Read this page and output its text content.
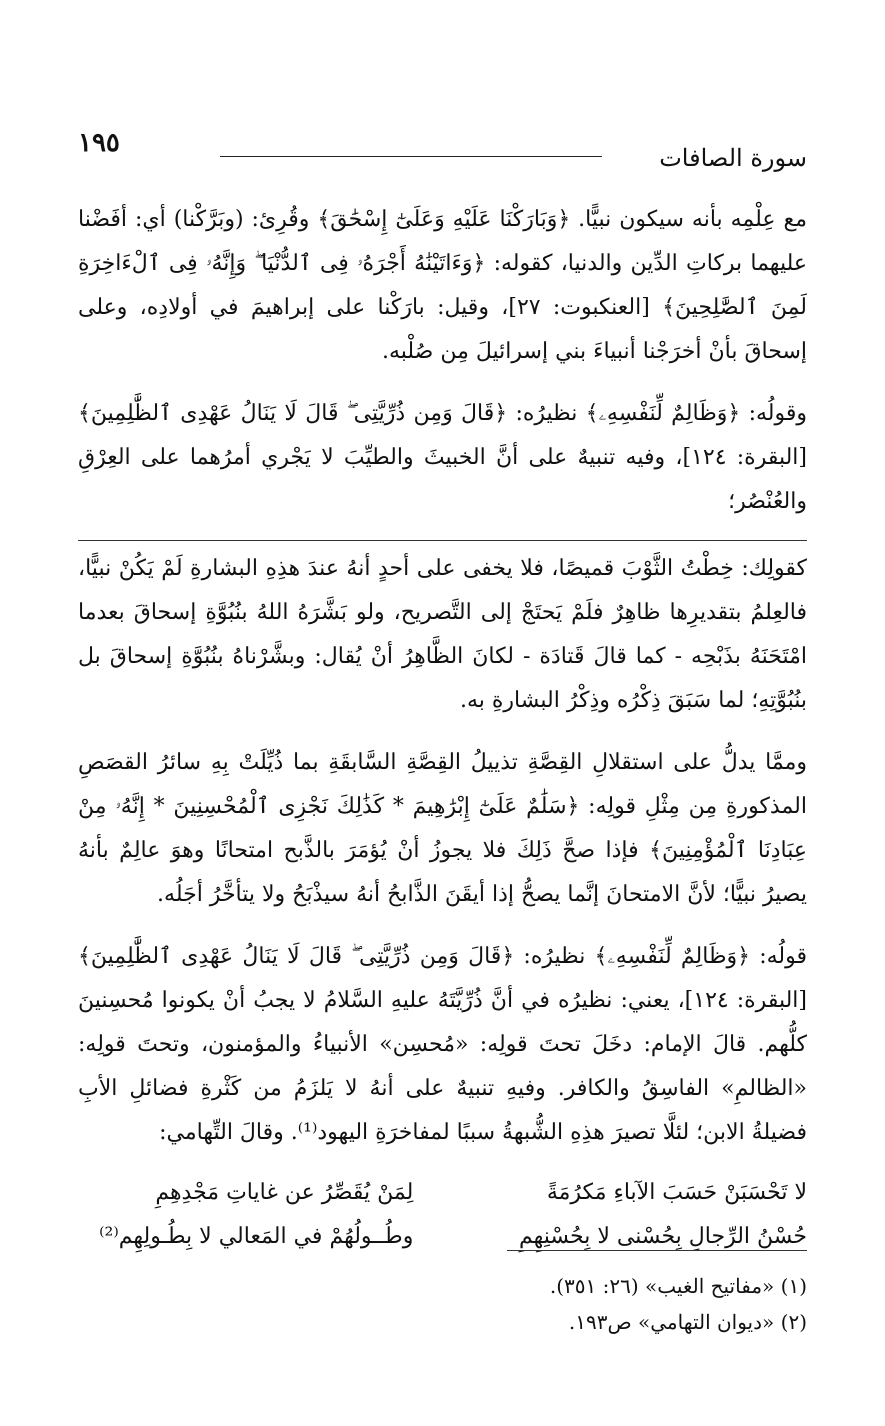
١٩٥	سورة الصافات

مع عِلْمِه بأنه سيكون نبيًّا. ﴿وَبَارَكْنَا عَلَيْهِ وَعَلَىٰٓ إِسْحَٰقَ﴾ وقُرِئ: (وبَرَّكْنا) أي: أفَضْنا عليهما بركاتِ الدِّين والدنيا، كقوله: ﴿وَءَاتَيْنَٰهُ أَجْرَهُۥ فِى ٱلدُّنْيَا ۖ وَإِنَّهُۥ فِى ٱلْءَاخِرَةِ لَمِنَ ٱلصَّٰلِحِينَ﴾ [العنكبوت: ٢٧]، وقيل: بارَكْنا على إبراهيمَ في أولادِه، وعلى إسحاقَ بأنْ أخرَجْنا أنبياءَ بني إسرائيلَ مِن صُلْبه.

وقولُه: ﴿وَظَالِمٌ لِّنَفْسِهِۦ﴾ نظيرُه: ﴿قَالَ وَمِن ذُرِّيَّتِى ۖ قَالَ لَا يَنَالُ عَهْدِى ٱلظَّٰلِمِينَ﴾ [البقرة: ١٢٤]، وفيه تنبيهٌ على أنَّ الخبيثَ والطيِّبَ لا يَجْري أمرُهما على العِرْقِ والعُنْصُر؛

كقولِك: خِطْتُ الثَّوْبَ قميصًا، فلا يخفى على أحدٍ أنهُ عندَ هذِهِ البشارةِ لَمْ يَكُنْ نبيًّا، فالعِلمُ بتقديرِها ظاهِرٌ فلَمْ يَحتَجْ إلى التَّصريح، ولو بَشَّرَهُ اللهُ بنُبُوَّةِ إسحاقَ بعدما امْتَحَنَهُ بذَبْحِه - كما قالَ قَتادَة - لكانَ الظَّاهِرُ أنْ يُقال: وبشَّرْناهُ بنُبُوَّةِ إسحاقَ بل بنُبُوَّتِهِ؛ لما سَبَقَ ذِكْرُه وذِكْرُ البشارةِ به.

وممَّا يدلُّ على استقلالِ القِصَّةِ تذييلُ القِصَّةِ السَّابقَةِ بما ذُيِّلَتْ بِهِ سائرُ القصَصِ المذكورةِ مِن مِثْلِ قولِه: ﴿سَلَٰمٌ عَلَىٰٓ إِبْرَٰهِيمَ * كَذَٰلِكَ نَجْزِى ٱلْمُحْسِنِينَ * إِنَّهُۥ مِنْ عِبَادِنَا ٱلْمُؤْمِنِينَ﴾ فإذا صحَّ ذَلِكَ فلا يجوزُ أنْ يُؤمَرَ بالذَّبح امتحانًا وهوَ عالِمٌ بأنهُ يصيرُ نبيًّا؛ لأنَّ الامتحانَ إنَّما يصحُّ إذا أيقَنَ الذَّابحُ أنهُ سيذْبَحُ ولا يتأخَّرُ أجَلُه.

قولُه: ﴿وَظَالِمٌ لِّنَفْسِهِۦ﴾ نظيرُه: ﴿قَالَ وَمِن ذُرِّيَّتِى ۖ قَالَ لَا يَنَالُ عَهْدِى ٱلظَّٰلِمِينَ﴾ [البقرة: ١٢٤]، يعني: نظيرُه في أنَّ ذُرِّيَّتَهُ عليهِ السَّلامُ لا يجبُ أنْ يكونوا مُحسِنينَ كلُّهم. قالَ الإمام: دخَلَ تحتَ قولِه: «مُحسِن» الأنبياءُ والمؤمنون، وتحتَ قولِه: «الظالمِ» الفاسِقُ والكافر. وفيهِ تنبيهٌ على أنهُ لا يَلزَمُ من كَثْرةِ فضائلِ الأبِ فضيلةُ الابن؛ لئلَّا تصيرَ هذِهِ الشُّبهةُ سببًا لمفاخرَةِ اليهود⁽¹⁾. وقالَ التِّهامي:

لا تَحْسَبَنْ حَسَبَ الآباءِ مَكرُمَةً
لِمَنْ يُقَصِّرُ عن غاياتِ مَجْدِهِمِ
حُسْنُ الرِّجالِ بِحُسْنى لا بِحُسْنِهِمِ
وطُــولُهُمْ في المَعالي لا بِطُـولِهِم⁽²⁾
(١) «مفاتيح الغيب» (٢٦: ٣٥١).
(٢) «ديوان التهامي» ص١٩٣.
